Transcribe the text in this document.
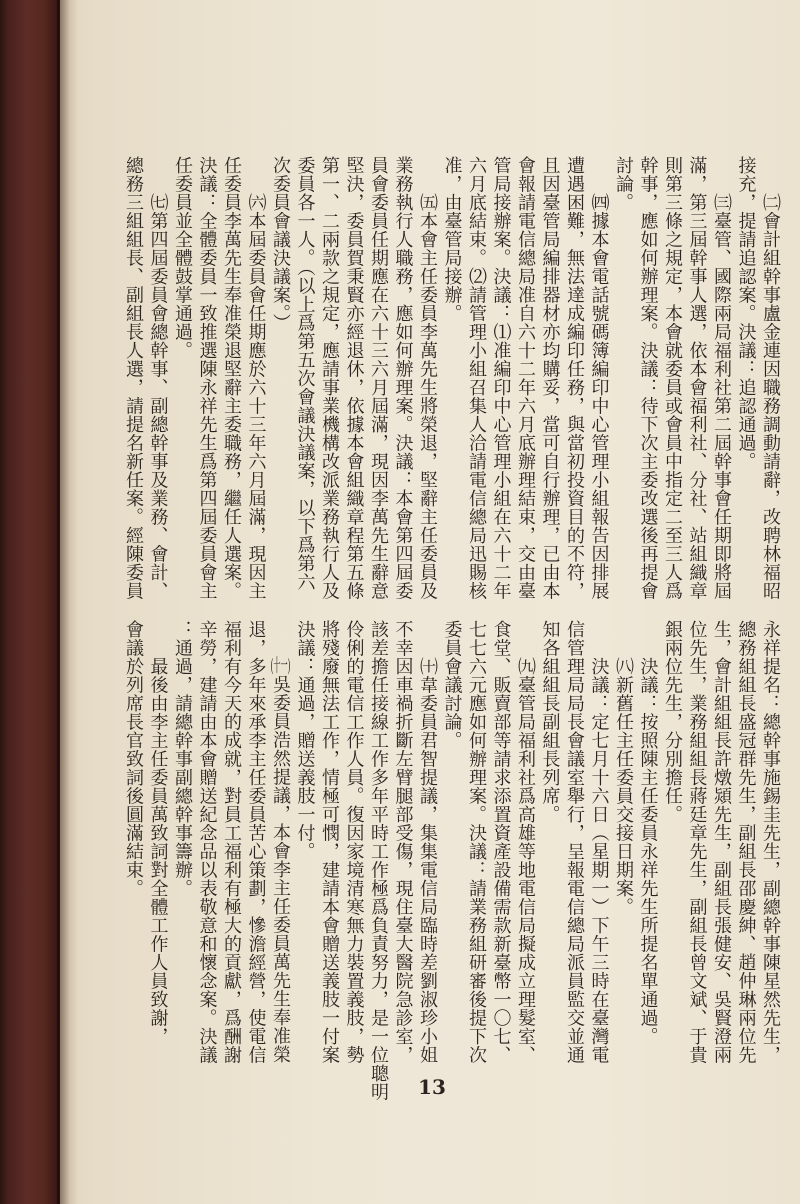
㈡會計組幹事盧金連因職務調動請辭，改聘林福昭
接充，提請追認案。決議：追認通過。
㈢臺管、國際兩局福利社第二屆幹事會任期即將屆
滿，第三屆幹事人選，依本會福利社、分社、站組織章
則第三條之規定，本會就委員或會員中指定二至三人爲
幹事，應如何辦理案。決議：待下次主委改選後再提會
討論。
㈣據本會電話號碼簿編印中心管理小組報告因排展
遭遇困難，無法達成編印任務，與當初投資目的不符，
且因臺管局編排器材亦均購妥，當可自行辦理，已由本
會報請電信總局准自六十二年六月底辦理結束，交由臺
管局接辦案。決議：⑴准編印中心管理小組在六十二年
六月底結束。⑵請管理小組召集人洽請電信總局迅賜核
准，由臺管局接辦。
㈤本會主任委員李萬先生將榮退，堅辭主任委員及
業務執行人職務，應如何辦理案。決議：本會第四屆委
員會委員任期應在六十三六月屆滿，現因李萬先生辭意
堅決，委員賀秉賢亦經退休，依據本會組織章程第五條
第一、二兩款之規定，應請事業機構改派業務執行人及
委員各一人。（以上爲第五次會議決議案，以下爲第六
次委員會議決議案。）
㈥本屆委員會任期應於六十三年六月屆滿，現因主
任委員李萬先生奉准榮退堅辭主委職務，繼任人選案。
決議：全體委員一致推選陳永祥先生爲第四屆委員會主
任委員並全體鼓掌通過。
㈦第四屆委員會總幹事、副總幹事及業務、會計、
總務三組組長、副組長人選，請提名新任案。經陳委員
永祥提名：總幹事施錫圭先生，副總幹事陳星然先生，
總務組組長盛冠群先生，副組長邵慶紳、趙仲琳兩位先
生，會計組組長許燉熲先生，副組長張健安、吳賢澄兩
位先生，業務組組長蔣廷章先生，副組長曾文斌、于貴
銀兩位先生，分別擔任。
決議：按照陳主任委員永祥先生所提名單通過。
㈧新舊任主任委員交接日期案。
決議：定七月十六日（星期一）下午三時在臺灣電
信管理局局長會議室舉行，呈報電信總局派員監交並通
知各組組長副組長列席。
㈨臺管局福利社爲高雄等地電信局擬成立理髮室、
食堂、販賣部等請求添置資產設備需款新臺幣一〇七、
七七六元應如何辦理案。決議：請業務組研審後提下次
委員會議討論。
㈩韋委員君智提議，集集電信局臨時差劉淑珍小姐
不幸因車禍折斷左臂腿部受傷，現住臺大醫院急診室，
該差擔任接線工作多年平時工作極爲負責努力，是一位聰明
伶俐的電信工作人員。復因家境清寒無力裝置義肢，勢
將殘廢無法工作，情極可憫，建請本會贈送義肢一付案
決議：通過，贈送義肢一付。
(十一)吳委員浩然提議，本會李主任委員萬先生奉准榮
退，多年來承李主任委員苦心策劃，慘澹經營，使電信
福利有今天的成就，對員工福利有極大的貢獻，爲酬謝
辛勞，建請由本會贈送紀念品以表敬意和懷念案。決議
：通過，請總幹事副總幹事籌辦。
最後由李主任委員萬致詞對全體工作人員致謝，
會議於列席長官致詞後圓滿結束。
13
